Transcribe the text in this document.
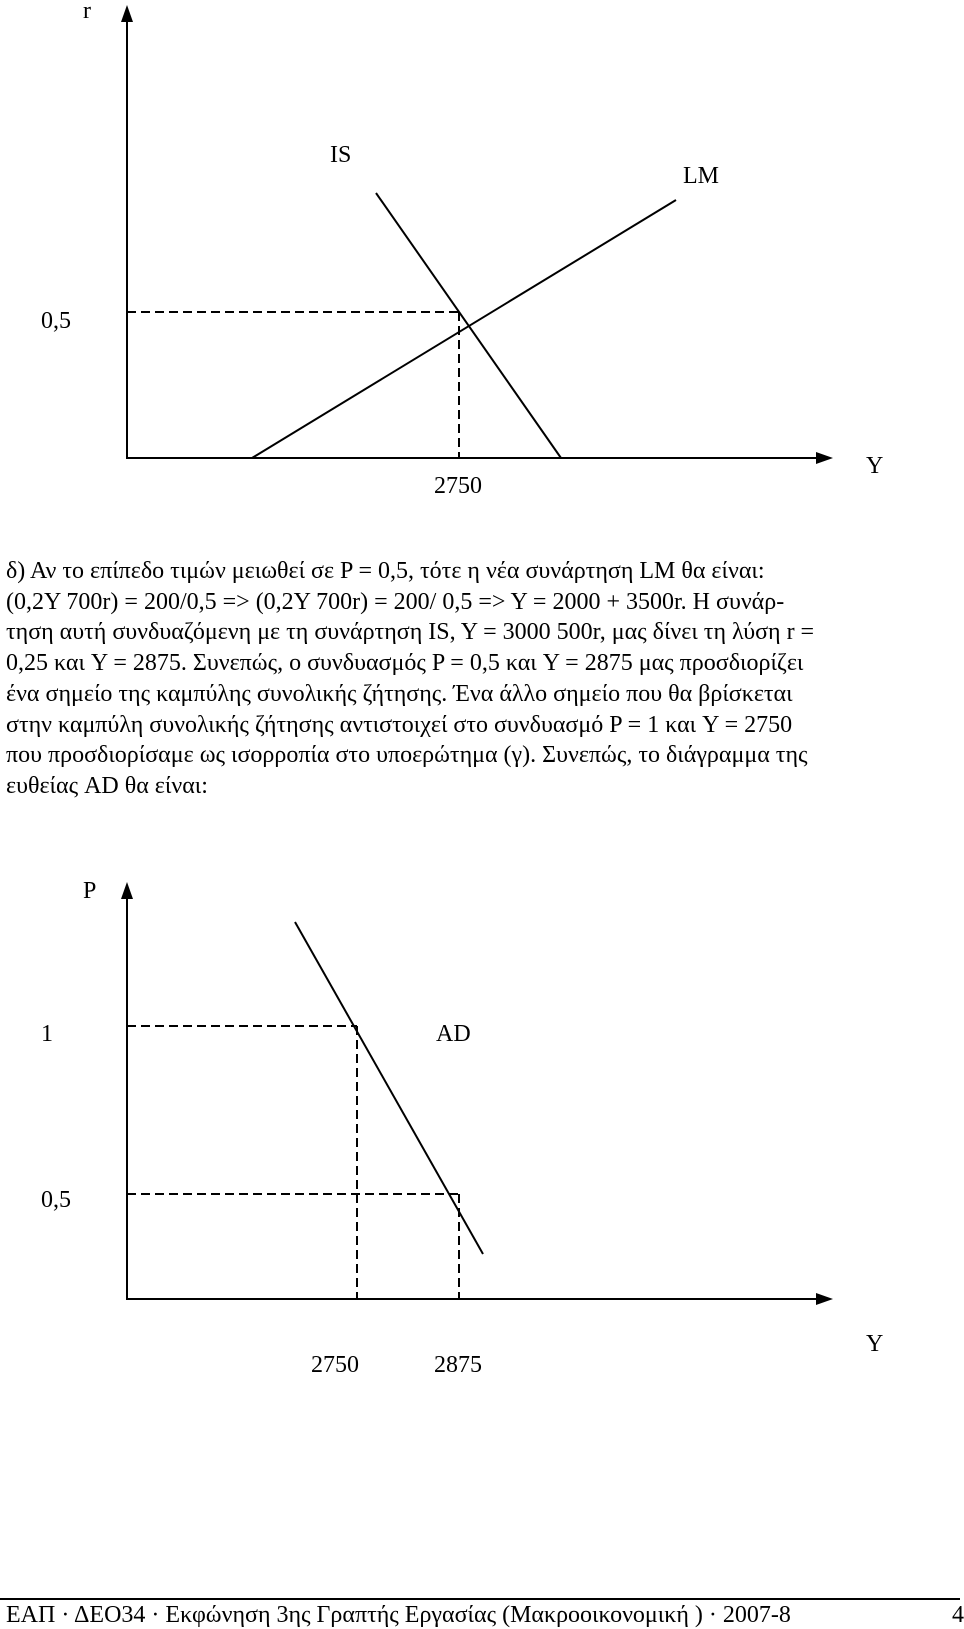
r
IS
LM
0,5
Y
2750
δ) Αν το επίπεδο τιμών μειωθεί σε P = 0,5, τότε η νέα συνάρτηση LM θα είναι:
(0,2Y 700r) = 200/0,5 => (0,2Y 700r) = 200/ 0,5 => Y = 2000 + 3500r. Η συνάρ-
τηση αυτή συνδυαζόμενη με τη συνάρτηση IS, Y = 3000 500r, μας δίνει τη λύση r =
0,25 και Y = 2875. Συνεπώς, ο συνδυασμός P = 0,5 και Y = 2875 μας προσδιορίζει
ένα σημείο της καμπύλης συνολικής ζήτησης. Ένα άλλο σημείο που θα βρίσκεται
στην καμπύλη συνολικής ζήτησης αντιστοιχεί στο συνδυασμό P = 1 και Y = 2750
που προσδιορίσαμε ως ισορροπία στο υποερώτημα (γ). Συνεπώς, το διάγραμμα της
ευθείας AD θα είναι:
P
1	AD
0,5
Y
2750	2875
ΕΑΠ · ΔΕΟ34 · Εκφώνηση 3ης Γραπτής Εργασίας (Μακροοικονομική ) · 2007-8	4
